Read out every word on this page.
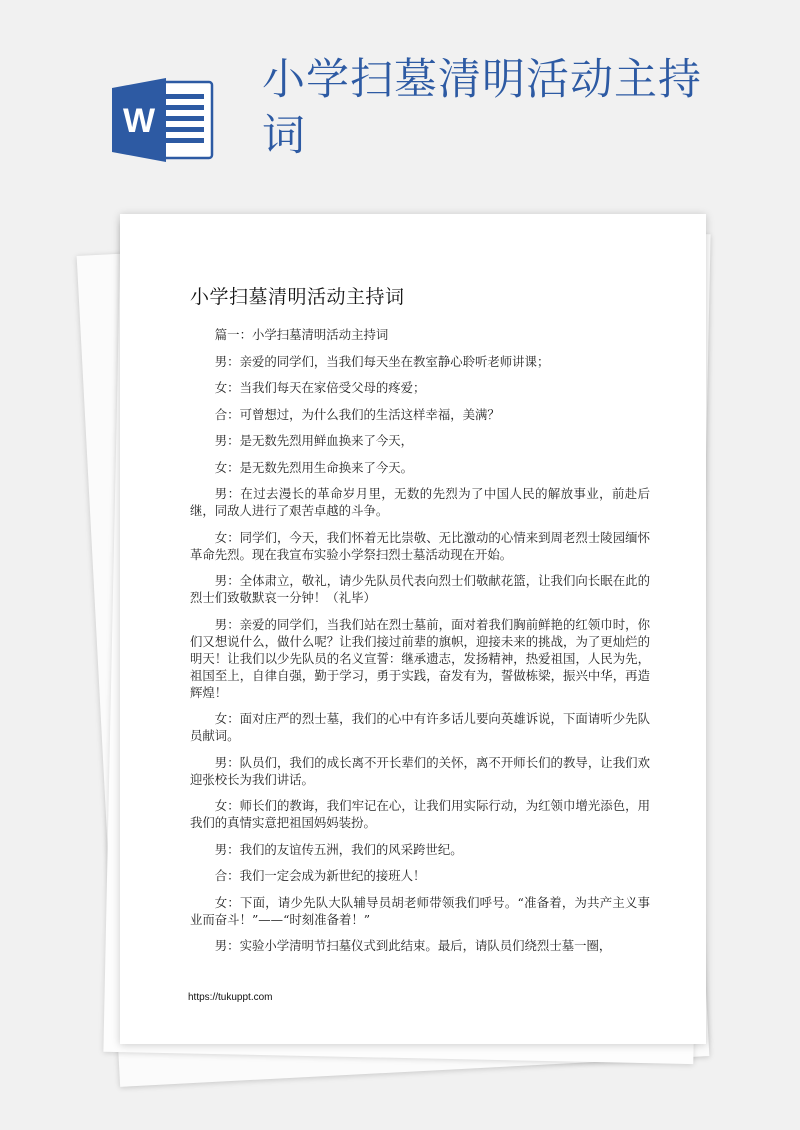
W
小学扫墓清明活动主持词
小学扫墓清明活动主持词

篇一：小学扫墓清明活动主持词

男：亲爱的同学们，当我们每天坐在教室静心聆听老师讲课；

女：当我们每天在家倍受父母的疼爱；

合：可曾想过，为什么我们的生活这样幸福，美满？

男：是无数先烈用鲜血换来了今天，

女：是无数先烈用生命换来了今天。

男：在过去漫长的革命岁月里，无数的先烈为了中国人民的解放事业，前赴后继，同敌人进行了艰苦卓越的斗争。

女：同学们，今天，我们怀着无比崇敬、无比激动的心情来到周老烈士陵园缅怀革命先烈。现在我宣布实验小学祭扫烈士墓活动现在开始。

男：全体肃立，敬礼，请少先队员代表向烈士们敬献花篮，让我们向长眠在此的烈士们致敬默哀一分钟！（礼毕）

男：亲爱的同学们，当我们站在烈士墓前，面对着我们胸前鲜艳的红领巾时，你们又想说什么，做什么呢？让我们接过前辈的旗帜，迎接未来的挑战，为了更灿烂的明天！让我们以少先队员的名义宣誓：继承遗志，发扬精神，热爱祖国，人民为先，祖国至上，自律自强，勤于学习，勇于实践，奋发有为，誓做栋梁，振兴中华，再造辉煌！

女：面对庄严的烈士墓，我们的心中有许多话儿要向英雄诉说，下面请听少先队员献词。

男：队员们，我们的成长离不开长辈们的关怀，离不开师长们的教导，让我们欢迎张校长为我们讲话。

女：师长们的教诲，我们牢记在心，让我们用实际行动，为红领巾增光添色，用我们的真情实意把祖国妈妈装扮。

男：我们的友谊传五洲，我们的风采跨世纪。

合：我们一定会成为新世纪的接班人！

女：下面，请少先队大队辅导员胡老师带领我们呼号。“准备着，为共产主义事业而奋斗！”——“时刻准备着！”

男：实验小学清明节扫墓仪式到此结束。最后，请队员们绕烈士墓一圈，

https://tukuppt.com
